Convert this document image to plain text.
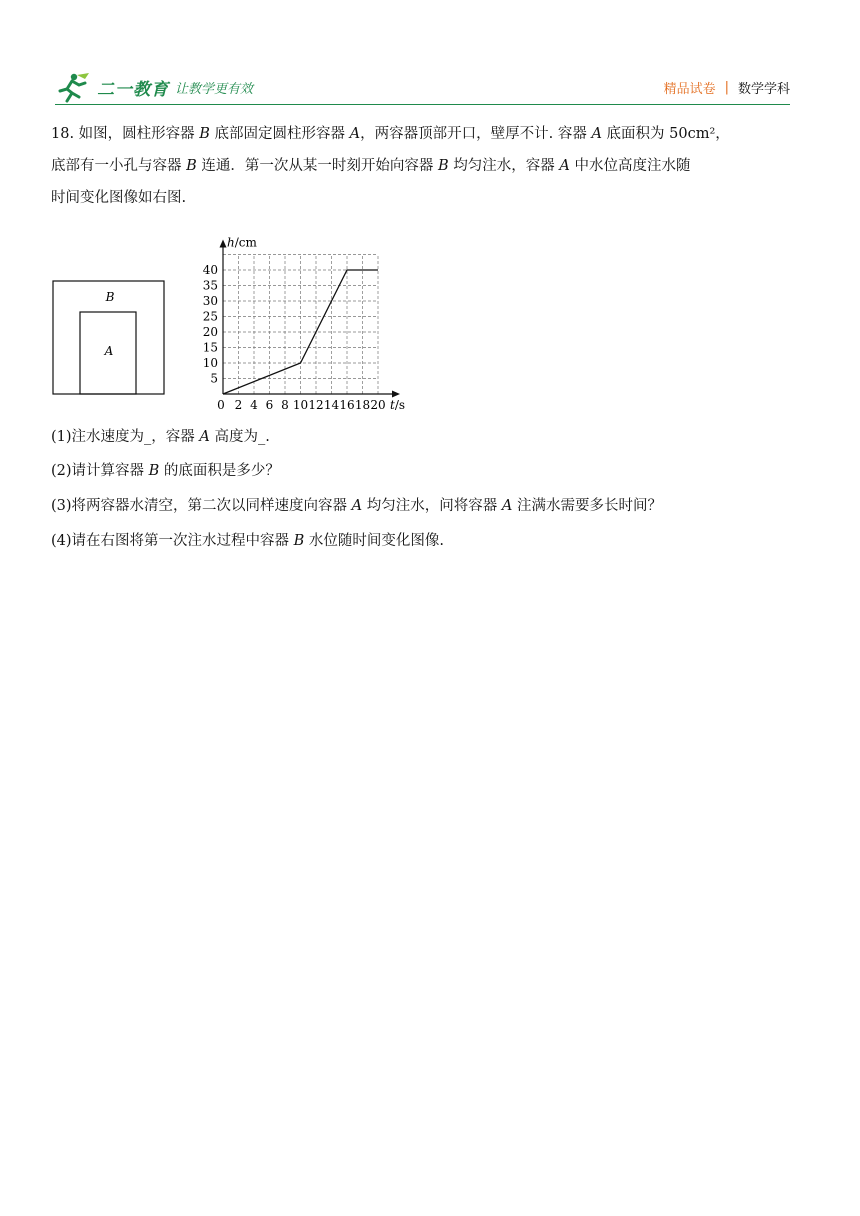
二一教育 让教学更有效	精品试卷 | 数学学科

18. 如图，圆柱形容器 B 底部固定圆柱形容器 A，两容器顶部开口，壁厚不计. 容器 A 底面积为 50cm²，

底部有一小孔与容器 B 连通．第一次从某一时刻开始向容器 B 均匀注水，容器 A 中水位高度注水随

时间变化图像如右图.

B
A
2 4 6 8 10 12 14 16 18 20
5
10
15
20
25
30
35
40
h/cm
t/s
0
(1)注水速度为_，容器 A 高度为_.
(2)请计算容器 B 的底面积是多少？
(3)将两容器水清空，第二次以同样速度向容器 A 均匀注水，问将容器 A 注满水需要多长时间？
(4)请在右图将第一次注水过程中容器 B 水位随时间变化图像.
